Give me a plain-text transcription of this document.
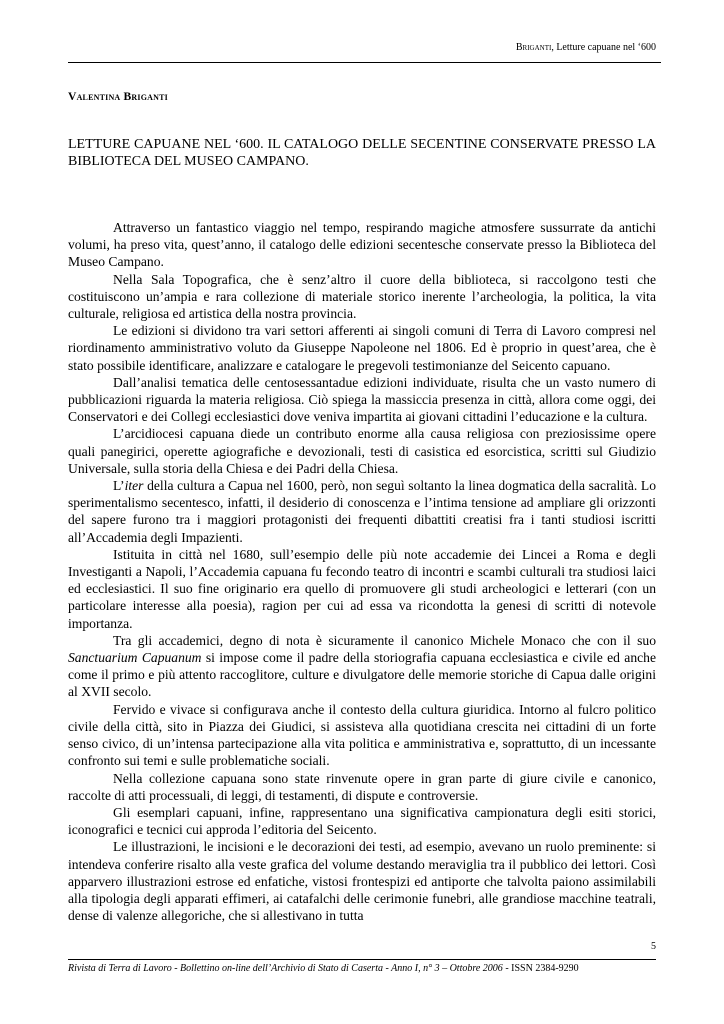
Briganti, Letture capuane nel ‘600
Valentina Briganti
LETTURE CAPUANE NEL ‘600. IL CATALOGO DELLE SECENTINE CONSERVATE PRESSO LA BIBLIOTECA DEL MUSEO CAMPANO.

Attraverso un fantastico viaggio nel tempo, respirando magiche atmosfere sussurrate da antichi volumi, ha preso vita, quest’anno, il catalogo delle edizioni secentesche conservate presso la Biblioteca del Museo Campano.

Nella Sala Topografica, che è senz’altro il cuore della biblioteca, si raccolgono testi che costituiscono un’ampia e rara collezione di materiale storico inerente l’archeologia, la politica, la vita culturale, religiosa ed artistica della nostra provincia.

Le edizioni si dividono tra vari settori afferenti ai singoli comuni di Terra di Lavoro compresi nel riordinamento amministrativo voluto da Giuseppe Napoleone nel 1806. Ed è proprio in quest’area, che è stato possibile identificare, analizzare e catalogare le pregevoli testimonianze del Seicento capuano.

Dall’analisi tematica delle centosessantadue edizioni individuate, risulta che un vasto numero di pubblicazioni riguarda la materia religiosa. Ciò spiega la massiccia presenza in città, allora come oggi, dei Conservatori e dei Collegi ecclesiastici dove veniva impartita ai giovani cittadini l’educazione e la cultura.

L’arcidiocesi capuana diede un contributo enorme alla causa religiosa con preziosissime opere quali panegirici, operette agiografiche e devozionali, testi di casistica ed esorcistica, scritti sul Giudizio Universale, sulla storia della Chiesa e dei Padri della Chiesa.

L’iter della cultura a Capua nel 1600, però, non seguì soltanto la linea dogmatica della sacralità. Lo sperimentalismo secentesco, infatti, il desiderio di conoscenza e l’intima tensione ad ampliare gli orizzonti del sapere furono tra i maggiori protagonisti dei frequenti dibattiti creatisi fra i tanti studiosi iscritti all’Accademia degli Impazienti.

Istituita in città nel 1680, sull’esempio delle più note accademie dei Lincei a Roma e degli Investiganti a Napoli, l’Accademia capuana fu fecondo teatro di incontri e scambi culturali tra studiosi laici ed ecclesiastici. Il suo fine originario era quello di promuovere gli studi archeologici e letterari (con un particolare interesse alla poesia), ragion per cui ad essa va ricondotta la genesi di scritti di notevole importanza.

Tra gli accademici, degno di nota è sicuramente il canonico Michele Monaco che con il suo Sanctuarium Capuanum si impose come il padre della storiografia capuana ecclesiastica e civile ed anche come il primo e più attento raccoglitore, culture e divulgatore delle memorie storiche di Capua dalle origini al XVII secolo.

Fervido e vivace si configurava anche il contesto della cultura giuridica. Intorno al fulcro politico civile della città, sito in Piazza dei Giudici, si assisteva alla quotidiana crescita nei cittadini di un forte senso civico, di un’intensa partecipazione alla vita politica e amministrativa e, soprattutto, di un incessante confronto sui temi e sulle problematiche sociali.

Nella collezione capuana sono state rinvenute opere in gran parte di giure civile e canonico, raccolte di atti processuali, di leggi, di testamenti, di dispute e controversie.

Gli esemplari capuani, infine, rappresentano una significativa campionatura degli esiti storici, iconografici e tecnici cui approda l’editoria del Seicento.

Le illustrazioni, le incisioni e le decorazioni dei testi, ad esempio, avevano un ruolo preminente: si intendeva conferire risalto alla veste grafica del volume destando meraviglia tra il pubblico dei lettori. Così apparvero illustrazioni estrose ed enfatiche, vistosi frontespizi ed antiporte che talvolta paiono assimilabili alla tipologia degli apparati effimeri, ai catafalchi delle cerimonie funebri, alle grandiose macchine teatrali, dense di valenze allegoriche, che si allestivano in tutta

5
Rivista di Terra di Lavoro - Bollettino on-line dell’Archivio di Stato di Caserta - Anno I, n° 3 – Ottobre 2006 - ISSN 2384-9290
